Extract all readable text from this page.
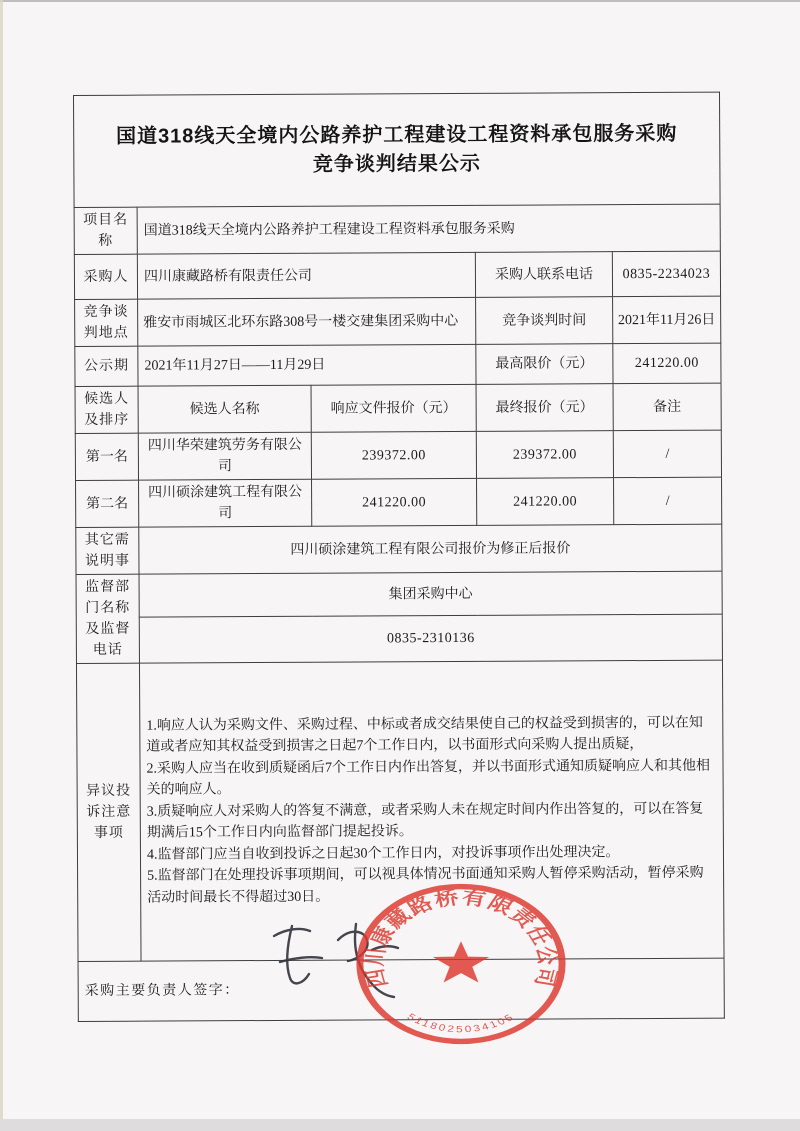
国道318线天全境内公路养护工程建设工程资料承包服务采购
竞争谈判结果公示				

项目名称	国道318线天全境内公路养护工程建设工程资料承包服务采购			
采购人	四川康藏路桥有限责任公司		采购人联系电话	0835-2234023
竞争谈判地点	雅安市雨城区北环东路308号一楼交建集团采购中心		竞争谈判时间	2021年11月26日
公示期	2021年11月27日——11月29日		最高限价（元）	241220.00
候选人及排序	候选人名称	响应文件报价（元）	最终报价（元）	备注
第一名	四川华荣建筑劳务有限公司	239372.00	239372.00	/
第二名	四川硕涂建筑工程有限公司	241220.00	241220.00	/
其它需说明事	四川硕涂建筑工程有限公司报价为修正后报价			
监督部门名称及监督电话	集团采购中心			
	0835-2310136			
异议投诉注意事项	1.响应人认为采购文件、采购过程、中标或者成交结果使自己的权益受到损害的，可以在知道或者应知其权益受到损害之日起7个工作日内，以书面形式向采购人提出质疑，
2.采购人应当在收到质疑函后7个工作日内作出答复，并以书面形式通知质疑响应人和其他相关的响应人。
3.质疑响应人对采购人的答复不满意，或者采购人未在规定时间内作出答复的，可以在答复期满后15个工作日内向监督部门提起投诉。
4.监督部门应当自收到投诉之日起30个工作日内，对投诉事项作出处理决定。
5.监督部门在处理投诉事项期间，可以视具体情况书面通知采购人暂停采购活动，暂停采购活动时间最长不得超过30日。			

采购主要负责人签字：				
四川康藏路桥有限责任公司
5118025034105
